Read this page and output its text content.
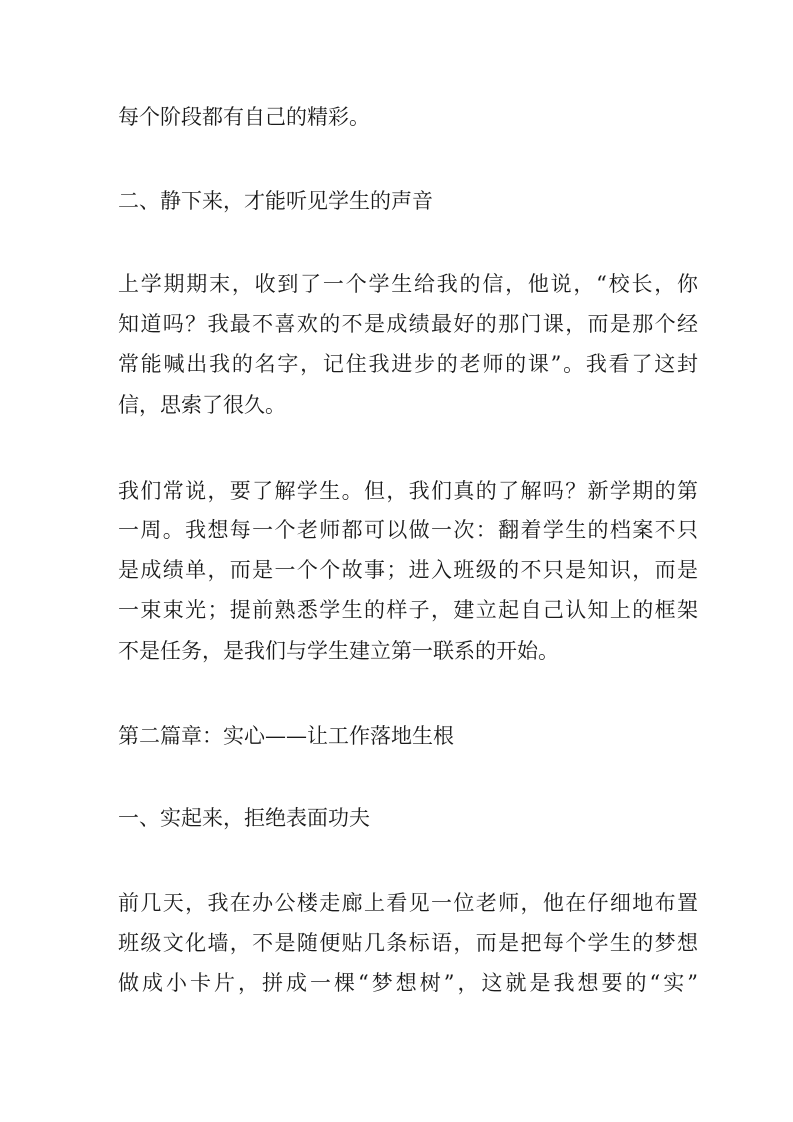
每个阶段都有自己的精彩。

二、静下来，才能听见学生的声音

上学期期末，收到了一个学生给我的信，他说，“校长，你

知道吗？我最不喜欢的不是成绩最好的那门课，而是那个经

常能喊出我的名字，记住我进步的老师的课”。我看了这封

信，思索了很久。

我们常说，要了解学生。但，我们真的了解吗？新学期的第

一周。我想每一个老师都可以做一次：翻着学生的档案不只

是成绩单，而是一个个故事；进入班级的不只是知识，而是

一束束光；提前熟悉学生的样子，建立起自己认知上的框架

不是任务，是我们与学生建立第一联系的开始。

第二篇章：实心——让工作落地生根

一、实起来，拒绝表面功夫

前几天，我在办公楼走廊上看见一位老师，他在仔细地布置

班级文化墙，不是随便贴几条标语，而是把每个学生的梦想

做成小卡片，拼成一棵“梦想树”，这就是我想要的“实”
